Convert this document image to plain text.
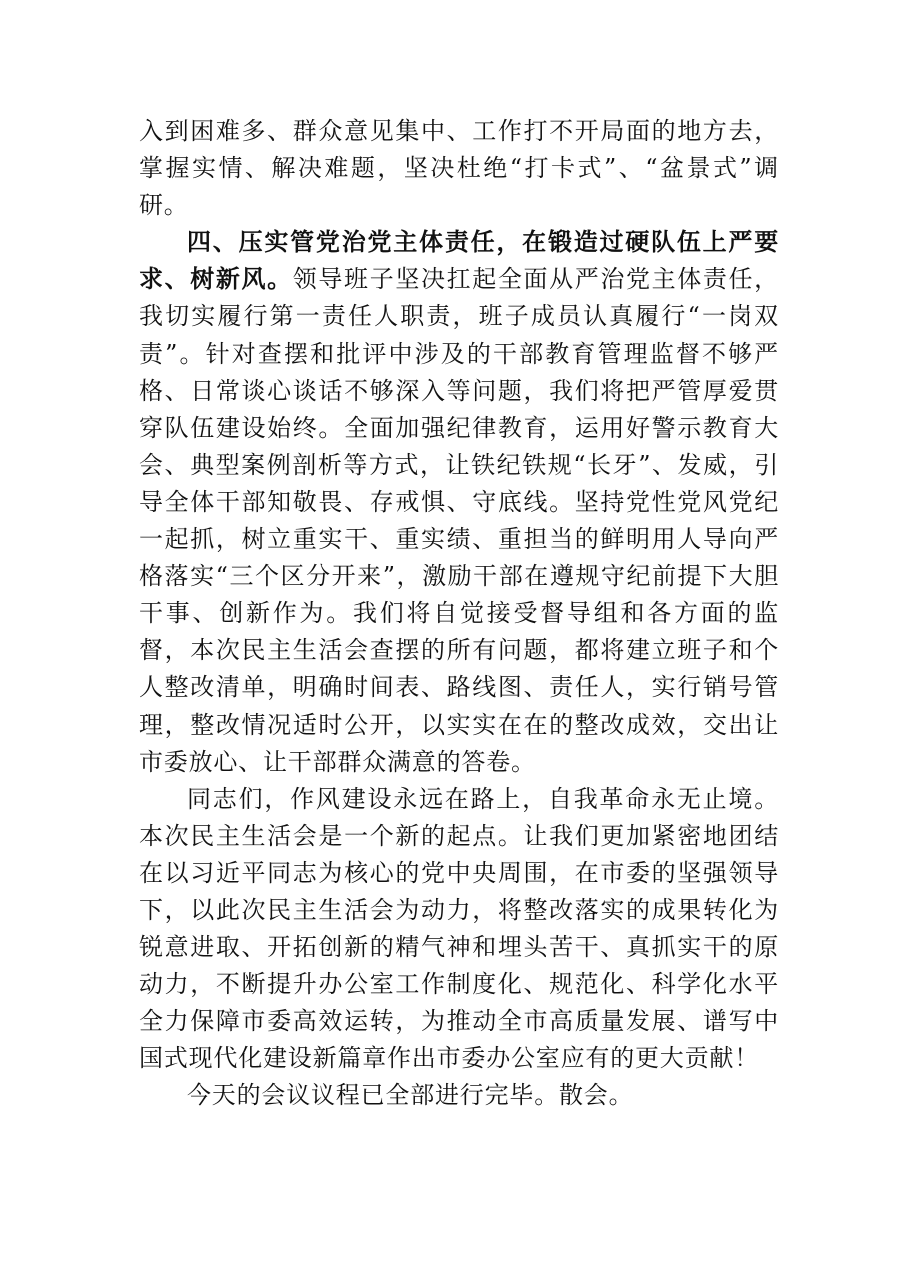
入到困难多、群众意见集中、工作打不开局面的地方去，掌握实情、解决难题，坚决杜绝“打卡式”、“盆景式”调研。

四、压实管党治党主体责任，在锻造过硬队伍上严要求、树新风。领导班子坚决扛起全面从严治党主体责任，我切实履行第一责任人职责，班子成员认真履行“一岗双责”。针对查摆和批评中涉及的干部教育管理监督不够严格、日常谈心谈话不够深入等问题，我们将把严管厚爱贯穿队伍建设始终。全面加强纪律教育，运用好警示教育大会、典型案例剖析等方式，让铁纪铁规“长牙”、发威，引导全体干部知敬畏、存戒惧、守底线。坚持党性党风党纪一起抓，树立重实干、重实绩、重担当的鲜明用人导向严格落实“三个区分开来”，激励干部在遵规守纪前提下大胆干事、创新作为。我们将自觉接受督导组和各方面的监督，本次民主生活会查摆的所有问题，都将建立班子和个人整改清单，明确时间表、路线图、责任人，实行销号管理，整改情况适时公开，以实实在在的整改成效，交出让市委放心、让干部群众满意的答卷。

同志们，作风建设永远在路上，自我革命永无止境。本次民主生活会是一个新的起点。让我们更加紧密地团结在以习近平同志为核心的党中央周围，在市委的坚强领导下，以此次民主生活会为动力，将整改落实的成果转化为锐意进取、开拓创新的精气神和埋头苦干、真抓实干的原动力，不断提升办公室工作制度化、规范化、科学化水平全力保障市委高效运转，为推动全市高质量发展、谱写中国式现代化建设新篇章作出市委办公室应有的更大贡献！

今天的会议议程已全部进行完毕。散会。
